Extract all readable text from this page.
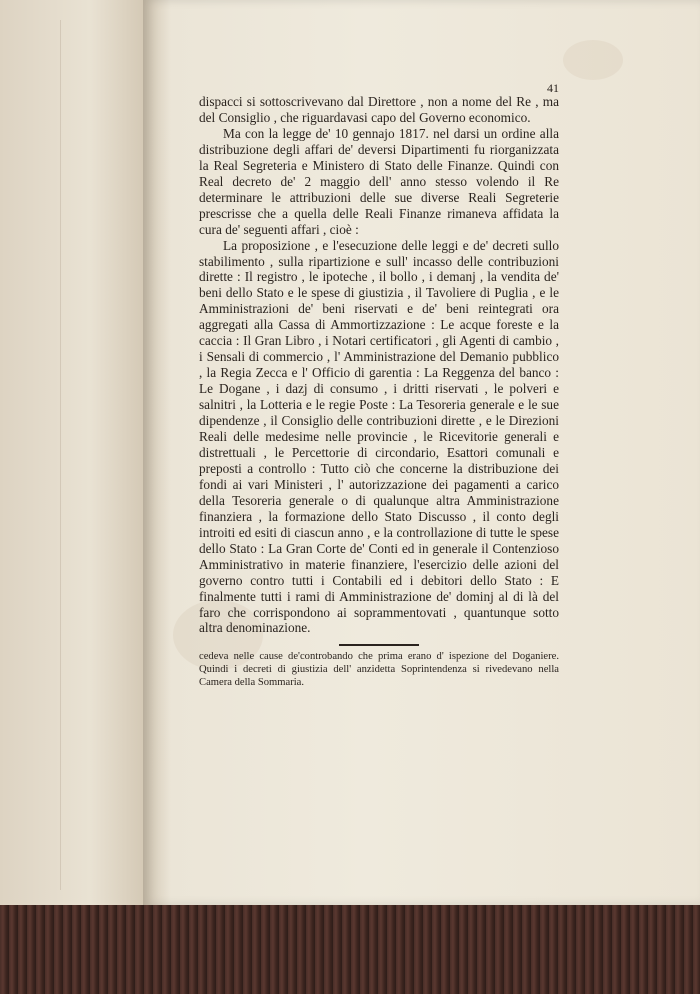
41

dispacci si sottoscrivevano dal Direttore , non a nome del Re , ma del Consiglio , che riguardavasi capo del Governo economico.

Ma con la legge de' 10 gennajo 1817. nel darsi un ordine alla distribuzione degli affari de' deversi Dipartimenti fu riorganizzata la Real Segreteria e Ministero di Stato delle Finanze. Quindi con Real decreto de' 2 maggio dell' anno stesso volendo il Re determinare le attribuzioni delle sue diverse Reali Segreterie prescrisse che a quella delle Reali Finanze rimaneva affidata la cura de' seguenti affari , cioè :

La proposizione , e l'esecuzione delle leggi e de' decreti sullo stabilimento , sulla ripartizione e sull' incasso delle contribuzioni dirette : Il registro , le ipoteche , il bollo , i demanj , la vendita de' beni dello Stato e le spese di giustizia , il Tavoliere di Puglia , e le Amministrazioni de' beni riservati e de' beni reintegrati ora aggregati alla Cassa di Ammortizzazione : Le acque foreste e la caccia : Il Gran Libro , i Notari certificatori , gli Agenti di cambio , i Sensali di commercio , l' Amministrazione del Demanio pubblico , la Regia Zecca e l' Officio di garentia : La Reggenza del banco : Le Dogane , i dazj di consumo , i dritti riservati , le polveri e salnitri , la Lotteria e le regie Poste : La Tesoreria generale e le sue dipendenze , il Consiglio delle contribuzioni dirette , e le Direzioni Reali delle medesime nelle provincie , le Ricevitorie generali e distrettuali , le Percettorie di circondario, Esattori comunali e preposti a controllo : Tutto ciò che concerne la distribuzione dei fondi ai vari Ministeri , l' autorizzazione dei pagamenti a carico della Tesoreria generale o di qualunque altra Amministrazione finanziera , la formazione dello Stato Discusso , il conto degli introiti ed esiti di ciascun anno , e la controllazione di tutte le spese dello Stato : La Gran Corte de' Conti ed in generale il Contenzioso Amministrativo in materie finanziere, l'esercizio delle azioni del governo contro tutti i Contabili ed i debitori dello Stato : E finalmente tutti i rami di Amministrazione de' dominj al di là del faro che corrispondono ai soprammentovati , quantunque sotto altra denominazione.

cedeva nelle cause de'controbando che prima erano d' ispezione del Doganiere. Quindi i decreti di giustizia dell' anzidetta Soprintendenza si rivedevano nella Camera della Sommaria.
